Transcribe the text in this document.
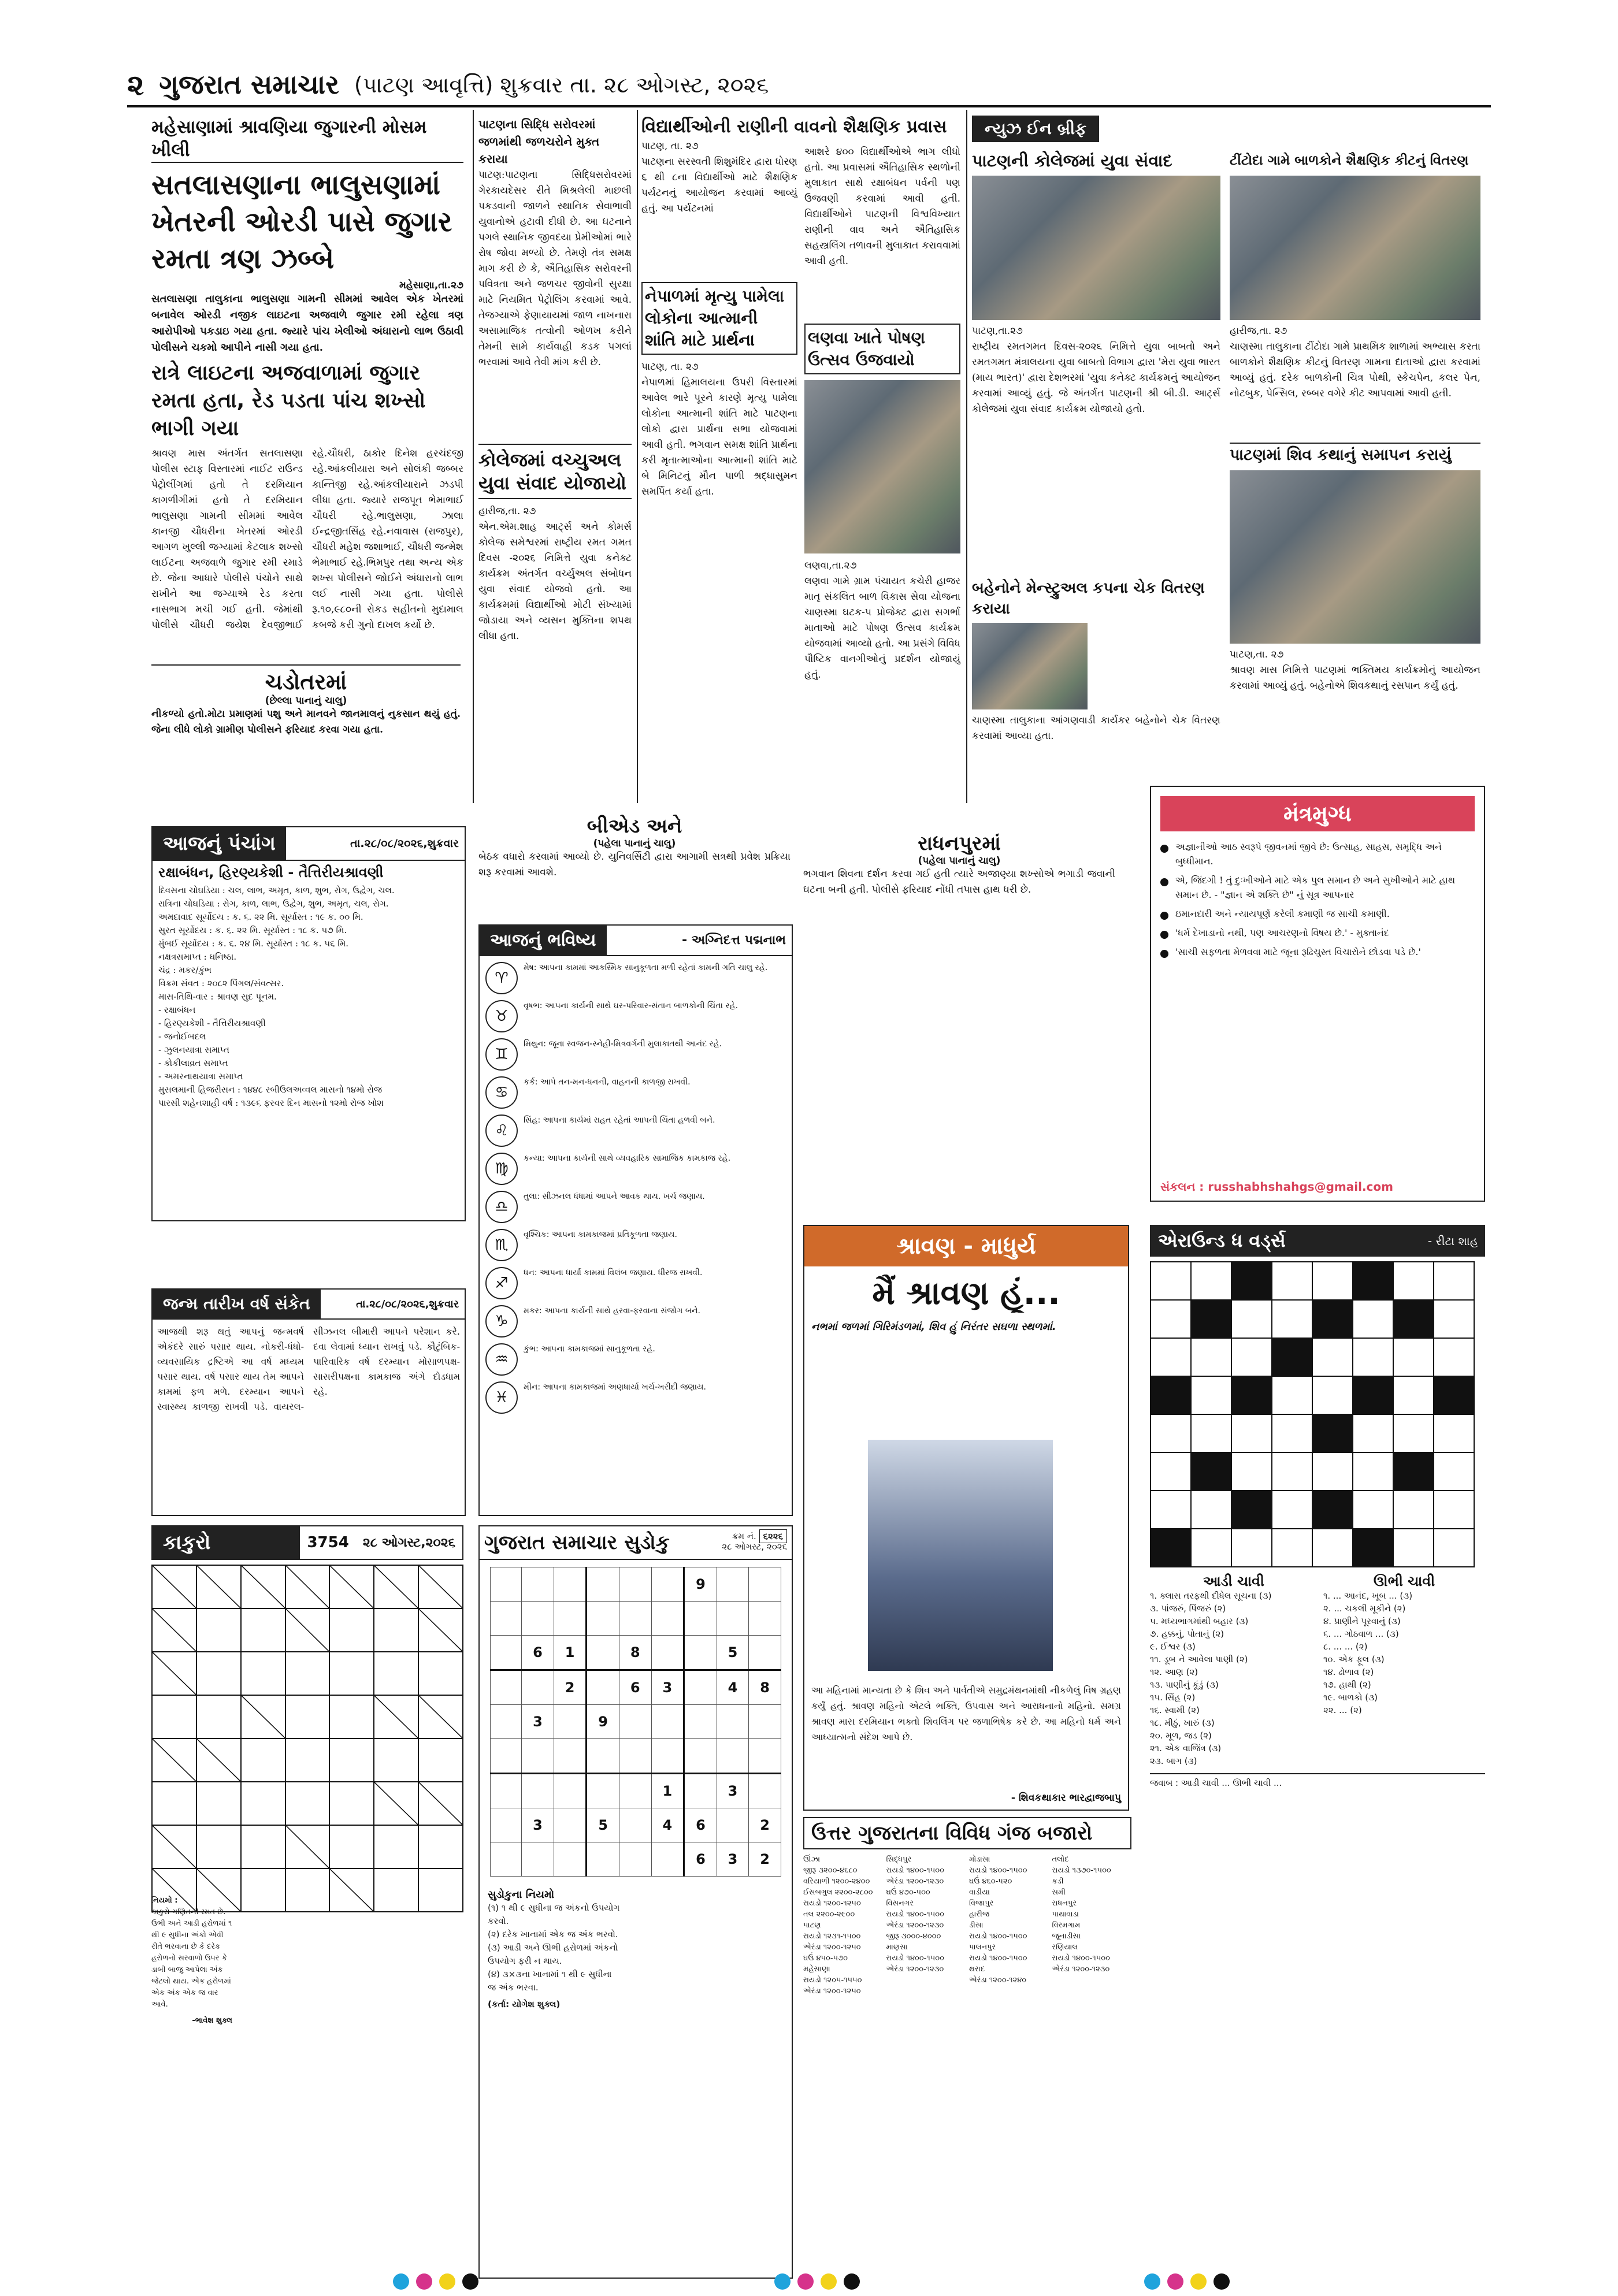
૨ ગુજરાત સમાચાર (પાટણ આવૃત્તિ) શુક્રવાર તા. ૨૮ ઓગસ્ટ, ૨૦૨૬
મહેસાણામાં શ્રાવણિયા જુગારની મોસમ ખીલી
સતલાસણાના ભાલુસણામાં ખેતરની ઓરડી પાસે જુગાર રમતા ત્રણ ઝબ્બે
મહેસાણા,તા.૨૭
સતલાસણા તાલુકાના ભાલુસણા ગામની સીમમાં આવેલ એક ખેતરમાં બનાવેલ ઓરડી નજીક લાઇટના અજવાળે જુગાર રમી રહેલા ત્રણ આરોપીઓ પકડાઇ ગયા હતા. જ્યારે પાંચ ખેલીઓ અંધારાનો લાભ ઉઠાવી પોલીસને ચકમો આપીને નાસી ગયા હતા.
રાત્રે લાઇટના અજવાળામાં જુગાર રમતા હતા, રેડ પડતા પાંચ શખ્સો ભાગી ગયા
શ્રાવણ માસ અંતર્ગત સતલાસણા પોલીસ સ્ટાફ વિસ્તારમાં નાઈટ રાઉન્ડ પેટ્રોલીંગમાં હતો તે દરમિયાન કાગળીગીમાં હતો તે દરમિયાન ભાલુસણા ગામની સીમમાં આવેલ કાનજી ચૌધરીના ખેતરમાં ઓરડી આગળ ખુલ્લી જગ્યામાં કેટલાક શખ્સો લાઈટના અજવાળે જુગાર રમી રમાડે છે. જેના આધારે પોલીસે પંચોને સાથે રાખીને આ જગ્યાએ રેડ કરતા નાસભાગ મચી ગઈ હતી. જેમાંથી પોલીસે ચૌધરી જયેશ દેવજીભાઈ રહે.ચૌધરી, ઠાકોર દિનેશ હરચંદજી રહે.આંકલીયારા અને સોલંકી જબ્બર કાન્તિજી રહે.આંકલીયારાને ઝડપી લીધા હતા. જ્યારે રાજપૂત ભેમાભાઈ ચૌધરી રહે.ભાલુસણા, ઝાલા ઈન્દ્રજીતસિંહ રહે.નવાવાસ (રાજપુર), ચૌધરી મહેશ જશાભાઈ, ચૌધરી જન્મેશ ભેમાભાઈ રહે.ભિમપુર તથા અન્ય એક શખ્સ પોલીસને જોઈને અંધારાનો લાભ લઈ નાસી ગયા હતા. પોલીસે રૂ.૧૦,૯૮૦ની રોકડ સહીતનો મુદામાલ કબજે કરી ગુનો દાખલ કર્યો છે.
પાટણના સિદ્ધિ સરોવરમાં જળમાંથી જળચરોને મુક્ત કરાયા
પાટણ:પાટણના સિદ્ધિસરોવરમાં ગેરકાયદેસર રીતે મિશ્રલેલી માછલી પકડવાની જાળને સ્થાનિક સેવાભાવી યુવાનોએ હટાવી દીધી છે. આ ઘટનાને પગલે સ્થાનિક જીવદયા પ્રેમીઓમાં ભારે રોષ જોવા મળ્યો છે. તેમણે તંત્ર સમક્ષ માગ કરી છે કે, ઐતિહાસિક સરોવરની પવિત્રતા અને જળચર જીવોની સુરક્ષા માટે નિયમિત પેટ્રોલિંગ કરવામાં આવે. તેજગ્યાએ ફેણાયાયમાં જાળ નાખનારા અસામાજિક તત્વોની ઓળખ કરીને તેમની સામે કાર્યવાહી કડક પગલાં ભરવામાં આવે તેવી માંગ કરી છે.
કોલેજમાં વચ્ચુઅલ યુવા સંવાદ યોજાયો
હારીજ,તા. ૨૭
એન.એમ.શાહ આર્ટ્સ અને કોમર્સ કોલેજ સમેશ્વરમાં રાષ્ટ્રીય રમત ગમત દિવસ -૨૦૨૬ નિમિત્તે યુવા કનેક્ટ કાર્યક્રમ અંતર્ગત વર્ચ્યુઅલ સંબોધન યુવા સંવાદ યોજવો હતો. આ કાર્યક્રમમાં વિદ્યાર્થીઓ મોટી સંખ્યામાં જોડાયા અને વ્યસન મુક્તિના શપથ લીધા હતા.
વિદ્યાર્થીઓની રાણીની વાવનો શૈક્ષણિક પ્રવાસ
પાટણ, તા. ૨૭
પાટણના સરસ્વતી શિશુમંદિર દ્વારા ધોરણ ૬ થી ૮ના વિદ્યાર્થીઓ માટે શૈક્ષણિક પર્યટનનું આયોજન કરવામાં આવ્યું હતું. આ પર્યટનમાં
નેપાળમાં મૃત્યુ પામેલા લોકોના આત્માની શાંતિ માટે પ્રાર્થના
પાટણ, તા. ૨૭
નેપાળમાં હિમાલયના ઉપરી વિસ્તારમાં આવેલ ભારે પૂરને કારણે મૃત્યુ પામેલા લોકોના આત્માની શાંતિ માટે પાટણના લોકો દ્વારા પ્રાર્થના સભા યોજવામાં આવી હતી. ભગવાન સમક્ષ શાંતિ પ્રાર્થના કરી મૃતાત્માઓના આત્માની શાંતિ માટે બે મિનિટનું મૌન પાળી શ્રદ્ધાસુમન સમર્પિત કર્યા હતા.
આશરે ૪૦૦ વિદ્યાર્થીઓએ ભાગ લીધો હતો. આ પ્રવાસમાં ઐતિહાસિક સ્થળોની મુલાકાત સાથે રક્ષાબંધન પર્વની પણ ઉજવણી કરવામાં આવી હતી. વિદ્યાર્થીઓને પાટણની વિશ્વવિખ્યાત રાણીની વાવ અને ઐતિહાસિક સહસ્ત્રલિંગ તળાવની મુલાકાત કરાવવામાં આવી હતી.
લણવા ખાતે પોષણ ઉત્સવ ઉજવાયો
લણવા,તા.૨૭
લણવા ગામે ગ્રામ પંચાયત કચેરી હાજર માતૃ સંકલિત બાળ વિકાસ સેવા યોજના ચાણસ્મા ઘટક-૫ પ્રોજેક્ટ દ્વારા સગર્ભા માતાઓ માટે પોષણ ઉત્સવ કાર્યક્રમ યોજવામાં આવ્યો હતો. આ પ્રસંગે વિવિધ પૌષ્ટિક વાનગીઓનું પ્રદર્શન યોજાયું હતું.
ન્યુઝ ઈન બ્રીફ
પાટણની કોલેજમાં યુવા સંવાદ
પાટણ,તા.૨૭
રાષ્ટ્રીય રમતગમત દિવસ-૨૦૨૬ નિમિત્તે યુવા બાબતો અને રમતગમત મંત્રાલયના યુવા બાબતો વિભાગ દ્વારા 'મેરા યુવા ભારત (માય ભારત)' દ્વારા દેશભરમાં 'યુવા કનેક્ટ કાર્યક્રમનું આયોજન કરવામાં આવ્યું હતું. જે અંતર્ગત પાટણની શ્રી બી.ડી. આર્ટ્સ કોલેજમાં યુવા સંવાદ કાર્યક્રમ યોજાયો હતો.
બહેનોને મેન્સ્ટ્રુઅલ કપના ચેક વિતરણ કરાયા
ચાણસ્મા તાલુકાના આંગણવાડી કાર્યકર બહેનોને ચેક વિતરણ કરવામાં આવ્યા હતા.
ટીંટોદા ગામે બાળકોને શૈક્ષણિક કીટનું વિતરણ
હારીજ,તા. ૨૭
ચાણસ્મા તાલુકાના ટીંટોદા ગામે પ્રાથમિક શાળામાં અભ્યાસ કરતા બાળકોને શૈક્ષણિક કીટનું વિતરણ ગામના દાતાઓ દ્વારા કરવામાં આવ્યું હતું. દરેક બાળકોની ચિત્ર પોથી, સ્કેચપેન, કલર પેન, નોટબુક, પેન્સિલ, રબ્બર વગેરે કીટ આપવામાં આવી હતી.
પાટણમાં શિવ કથાનું સમાપન કરાયું
પાટણ,તા. ૨૭
શ્રાવણ માસ નિમિત્તે પાટણમાં ભક્તિમય કાર્યક્રમોનું આયોજન કરવામાં આવ્યું હતું. બહેનોએ શિવકથાનું રસપાન કર્યું હતું.
મંત્રમુગ્ધ
અજ્ઞાનીઓ આઠ સ્વરૂપે જીવનમાં જીવે છે: ઉત્સાહ, સાહસ, સમૃદ્ધિ અને બુધ્ધીમાન.
એ, જિંદગી ! તું દુઃખીઓને માટે એક પુલ સમાન છે અને સુખીઓને માટે હાથ સમાન છે. - "જ્ઞાન એ શક્તિ છે" નું સૂત્ર આપનાર
ઇમાનદારી અને ન્યાયપૂર્ણ કરેલી કમાણી જ સાચી કમાણી.
'ધર્મ દેખાડાનો નથી, પણ આચરણનો વિષય છે.' - મુક્તાનંદ
'સાચી સફળતા મેળવવા માટે જૂના રૂઢિચુસ્ત વિચારોને છોડવા પડે છે.'
સંકલન : russhabhshahgs@gmail.com
ચડોતરમાં
(છેલ્લા પાનાનું ચાલુ)
નીકળ્યો હતો.મોટા પ્રમાણમાં પશુ અને માનવને જાનમાલનું નુકસાન થયું હતું. જેના લીધે લોકો ગ્રામીણ પોલીસને ફરિયાદ કરવા ગયા હતા.
બીએડ અને
(પહેલા પાનાનું ચાલુ)
બેઠક વધારો કરવામાં આવ્યો છે. યુનિવર્સિટી દ્વારા આગામી સત્રથી પ્રવેશ પ્રક્રિયા શરૂ કરવામાં આવશે.
આજનું પંચાંગ	તા.૨૮/૦૮/૨૦૨૬,શુક્રવાર
રક્ષાબંધન, હિરણ્યકેશી - તૈત્તિરીયશ્રાવણી
દિવસના ચોઘડિયા : ચલ, લાભ, અમૃત, કાળ, શુભ, રોગ, ઉદ્વેગ, ચલ.
રાત્રિના ચોઘડિયા : રોગ, કાળ, લાભ, ઉદ્વેગ, શુભ, અમૃત, ચલ, રોગ.
અમદાવાદ સૂર્યોદય : ક. ૬. ૨૨ મિ. સૂર્યાસ્ત : ૧૯ ક. ૦૦ મિ.
સુરત સૂર્યોદય : ક. ૬. ૨૨ મિ. સૂર્યાસ્ત : ૧૮ ક. ૫૭ મિ.
મુંબઈ સૂર્યોદય : ક. ૬. ૨૪ મિ. સૂર્યાસ્ત : ૧૮ ક. ૫૬ મિ.
નક્ષત્રસમાપ્ત : ઘનિષ્ઠા.
ચંદ્ર : મકર/કુંભ
વિક્રમ સંવત : ૨૦૮૨ પિંગલ/સંવત્સર.
માસ-તિથિ-વાર : શ્રાવણ સુદ પૂનમ.
- રક્ષાબંધન
- હિરણ્યકેશી - તૈત્તિરીયશ્રાવણી
- જનોઈબદલ
- ઝુલનયાત્રા સમાપ્ત
- કોકીલાવ્રત સમાપ્ત
- અમરનાથયાત્રા સમાપ્ત
મુસલમાની હિજરીસન : ૧૪૪૮ રબીઉલઅવ્વલ માસનો ૧૪મો રોજ
પારસી શહેનશાહી વર્ષ : ૧૩૯૬ ફરવર દિન માસનો ૧૨મો રોજ ખોશ
જન્મ તારીખ વર્ષ સંકેત	તા.૨૮/૦૮/૨૦૨૬,શુક્રવાર
આજથી શરૂ થતું આપનું જન્મવર્ષ એકંદરે સારું પસાર થાય. નોકરી-ધંધો-વ્યવસાયિક દ્રષ્ટિએ આ વર્ષ મધ્યમ પસાર થાય. વર્ષ પસાર થાય તેમ આપને કામમાં ફળ મળે. દરમ્યાન આપને સ્વાસ્થ્ય કાળજી રાખવી પડે. વાયરલ-સીઝનલ બીમારી આપને પરેશાન કરે. દવા લેવામાં ધ્યાન રાખવું પડે. કૌટુંબિક-પારિવારિક વર્ષ દરમ્યાન મોસાળપક્ષ-સાસરીપક્ષના કામકાજ અંગે દોડધામ રહે.
આજનું ભવિષ્ય	- અગ્નિદત્ત પદ્મનાભ
♈
મેષ: આપના કામમાં આકસ્મિક સાનુકૂળતા મળી રહેતાં કામની ગતિ ચાલુ રહે.
♉
વૃષભ: આપના કાર્યની સાથે ઘર-પરિવાર-સંતાન બાળકોની ચિંતા રહે.
♊
મિથુન: જૂના સ્વજન-સ્નેહી-મિત્રવર્ગની મુલાકાતથી આનંદ રહે.
♋
કર્ક: આપે તન-મન-ધનની, વાહનની કાળજી રાખવી.
♌
સિંહ: આપના કાર્યમાં રાહત રહેતાં આપની ચિંતા હળવી બને.
♍
કન્યા: આપના કાર્યની સાથે વ્યવહારિક સામાજિક કામકાજ રહે.
♎
તુલા: સીઝનલ ધંધામાં આપને આવક થાય. ખર્ચ જણાય.
♏
વૃશ્ચિક: આપના કામકાજમાં પ્રતિકૂળતા જણાય.
♐
ધન: આપના ધાર્યા કામમાં વિલંબ જણાય. ધીરજ રાખવી.
♑
મકર: આપના કાર્યની સાથે હરવા-ફરવાના સંજોગ બને.
♒
કુંભ: આપના કામકાજમાં સાનુકૂળતા રહે.
♓
મીન: આપના કામકાજમાં અણધાર્યા ખર્ચ-ખરીદી જણાય.
શ્રાવણ - માધુર્ય
મૈં શ્રાવણ હૂં...
નભમાં જળમાં ગિરિમંડળમાં, શિવ હું નિરંતર સઘળા સ્થળમાં.
આ મહિનામાં માન્યતા છે કે શિવ અને પાર્વતીએ સમુદ્રમંથનમાંથી નીકળેલું વિષ ગ્રહણ કર્યું હતું. શ્રાવણ મહિનો એટલે ભક્તિ, ઉપવાસ અને આરાધનાનો મહિનો. સમગ્ર શ્રાવણ માસ દરમિયાન ભક્તો શિવલિંગ પર જળાભિષેક કરે છે. આ મહિનો ધર્મ અને આધ્યાત્મનો સંદેશ આપે છે.
- શિવકથાકાર ભારદ્વાજબાપુ
રાધનપુરમાં
(પહેલા પાનાનું ચાલુ)
ભગવાન શિવના દર્શન કરવા ગઈ હતી ત્યારે અજાણ્યા શખ્સોએ ભગાડી જવાની ઘટના બની હતી. પોલીસે ફરિયાદ નોંધી તપાસ હાથ ધરી છે.
કાકુરો	3754	૨૮ ઓગસ્ટ,૨૦૨૬

નિયમો :
કાકુરો ગણિતની રમત છે. ઉભી અને આડી હરોળમાં ૧ થી ૯ સુધીના અંકો એવી રીતે ભરવાના છે કે દરેક હરોળનો સરવાળો ઉપર કે ડાબી બાજુ આપેલા અંક જેટલો થાય. એક હરોળમાં એક અંક એક જ વાર આવે.
-ભાવેશ શુક્લ
ગુજરાત સમાચાર સુડોકુ	ક્રમ નં. ૬૨૨૬
૨૮ ઓગસ્ટ, ૨૦૨૬
						9		

	6	1		8			5	
		2		6	3		4	8
	3		9					

					1		3	
	3		5		4	6		2
						6	3	2
સુડોકુના નિયમો
(૧) ૧ થી ૯ સુધીના જ અંકનો ઉપયોગ કરવો.
(૨) દરેક ખાનામાં એક જ અંક ભરવો.
(૩) આડી અને ઊભી હરોળમાં અંકનો ઉપયોગ ફરી ન થાય.
(૪) ૩×૩ના ખાનામાં ૧ થી ૯ સુધીના જ અંક ભરવા.
(કર્તા: યોગેશ શુક્લ)
ઉત્તર ગુજરાતના વિવિધ ગંજ બજારો
ઊંઝા
જીરૂ ૩૨૦૦-૪૬૮૦
વરિયાળી ૧૨૦૦-૨૪૦૦
ઈસબગુલ ૨૨૦૦-૨૮૦૦
રાયડો ૧૨૦૦-૧૨૫૦
તલ ૨૨૦૦-૨૯૦૦
પાટણ
રાયડો ૧૨૩૧-૧૫૦૦
એરંડા ૧૨૦૦-૧૨૫૦
ઘઉં ૪૫૦-૫૭૦
મહેસાણા
રાયડો ૧૨૦૫-૧૫૫૦
એરંડા ૧૨૦૦-૧૨૫૦
સિદ્ધપુર
રાયડો ૧૪૦૦-૧૫૦૦
એરંડા ૧૨૦૦-૧૨૩૦
ઘઉં ૪૭૦-૫૦૦
વિસનગર
રાયડો ૧૪૦૦-૧૫૦૦
એરંડા ૧૨૦૦-૧૨૩૦
જીરૂ ૩૦૦૦-૪૦૦૦
માણસા
રાયડો ૧૪૦૦-૧૫૦૦
એરંડા ૧૨૦૦-૧૨૩૦
મોડાસા
રાયડો ૧૪૦૦-૧૫૦૦
ઘઉં ૪૬૦-૫૨૦
વાડીયા
વિજાપુર
હારીજ
ડીસા
રાયડો ૧૪૦૦-૧૫૦૦
પાલનપુર
રાયડો ૧૪૦૦-૧૫૦૦
થરાદ
એરંડા ૧૨૦૦-૧૨૪૦
તલોદ
રાયડો ૧૩૭૦-૧૫૦૦
કડી
સમી
રાધનપુર
પાથાવાડા
વિરમગામ
જૂનાડીસા
રણિયાલ
રાયડો ૧૪૦૦-૧૫૦૦
એરંડા ૧૨૦૦-૧૨૩૦
એરાઉન્ડ ધ વર્ડ્સ	- રીટા શાહ

આડી ચાવી
૧. ક્લાસ તરફથી દીધેલ સૂચના (૩)
૩. પાંજરું, પિંજરું (૨)
૫. મધ્યભાગમાંથી બહાર (૩)
૭. હક્કનું, પોતાનું (૨)
૯. ઈશ્વર (૩)
૧૧. ડૂબ ને આવેલા પાણી (૨)
૧૨. આણ (૨)
૧૩. પાણીનું કૂંડું (૩)
૧૫. સિંહ (૨)
૧૬. સ્વામી (૨)
૧૮. મીઠું, ખારું (૩)
૨૦. મૂળ, જડ (૨)
૨૧. એક વાજિંત્ર (૩)
૨૩. બાગ (૩)
ઊભી ચાવી
૧. ... આનંદ, ખૂબ ... (૩)
૨. ... ચકલી મૂકીને (૨)
૪. પ્રાણીને પૂરવાનું (૩)
૬. ... ગોઠવાળ ... (૩)
૮. ... ... (૨)
૧૦. એક ફૂલ (૩)
૧૪. ઢોળાવ (૨)
૧૭. હાથી (૨)
૧૯. બાળકો (૩)
૨૨. ... (૨)
જવાબ : આડી ચાવી ... ઊભી ચાવી ...
